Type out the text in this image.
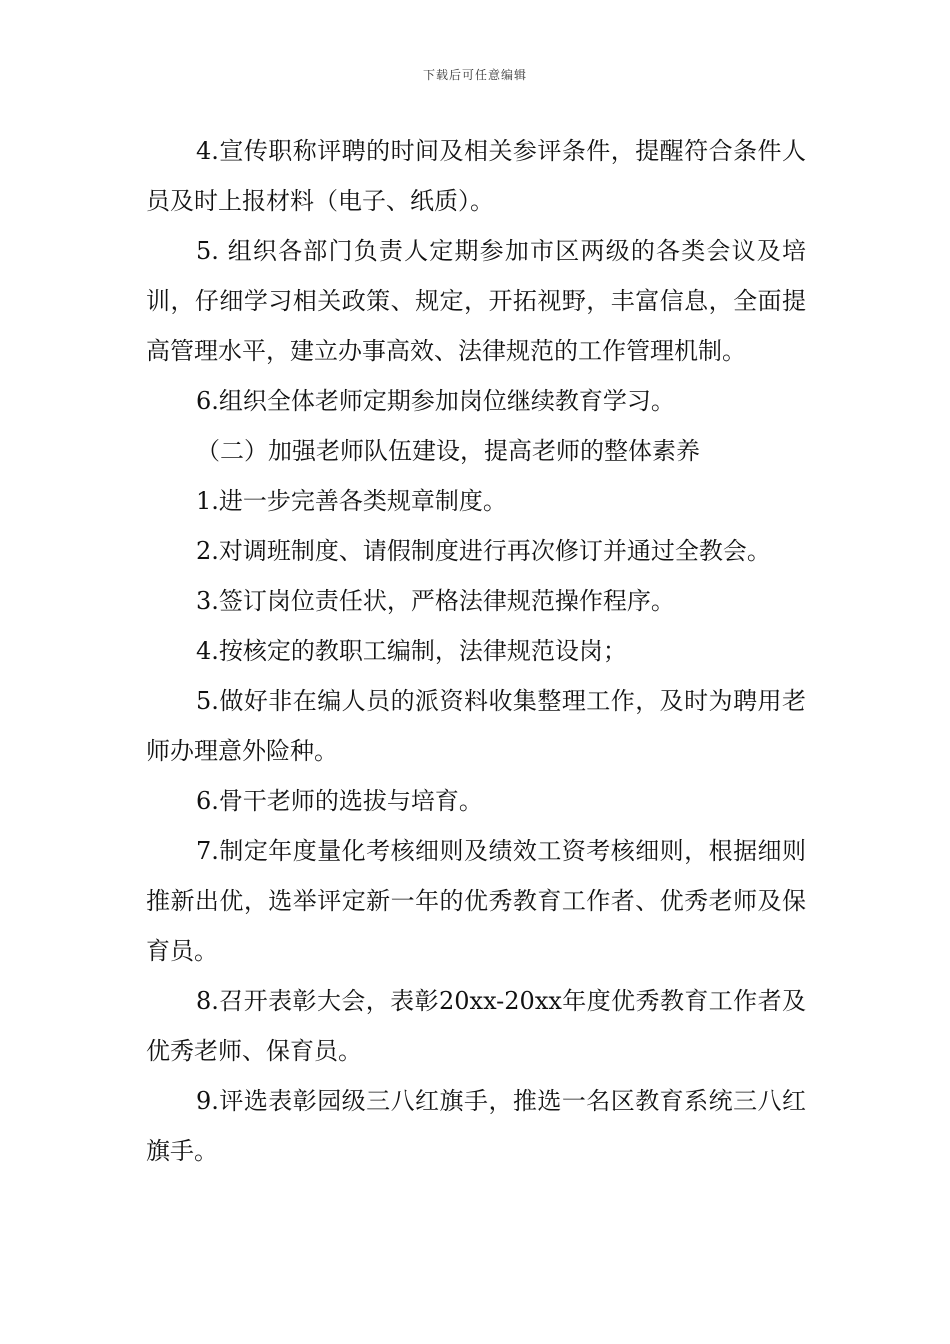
下载后可任意编辑

4.宣传职称评聘的时间及相关参评条件，提醒符合条件人员及时上报材料（电子、纸质）。

5. 组织各部门负责人定期参加市区两级的各类会议及培训，仔细学习相关政策、规定，开拓视野，丰富信息，全面提高管理水平，建立办事高效、法律规范的工作管理机制。

6.组织全体老师定期参加岗位继续教育学习。

（二）加强老师队伍建设，提高老师的整体素养

1.进一步完善各类规章制度。

2.对调班制度、请假制度进行再次修订并通过全教会。

3.签订岗位责任状，严格法律规范操作程序。

4.按核定的教职工编制，法律规范设岗；

5.做好非在编人员的派资料收集整理工作，及时为聘用老师办理意外险种。

6.骨干老师的选拔与培育。

7.制定年度量化考核细则及绩效工资考核细则，根据细则推新出优，选举评定新一年的优秀教育工作者、优秀老师及保育员。

8.召开表彰大会，表彰20xx-20xx年度优秀教育工作者及优秀老师、保育员。

9.评选表彰园级三八红旗手，推选一名区教育系统三八红旗手。
